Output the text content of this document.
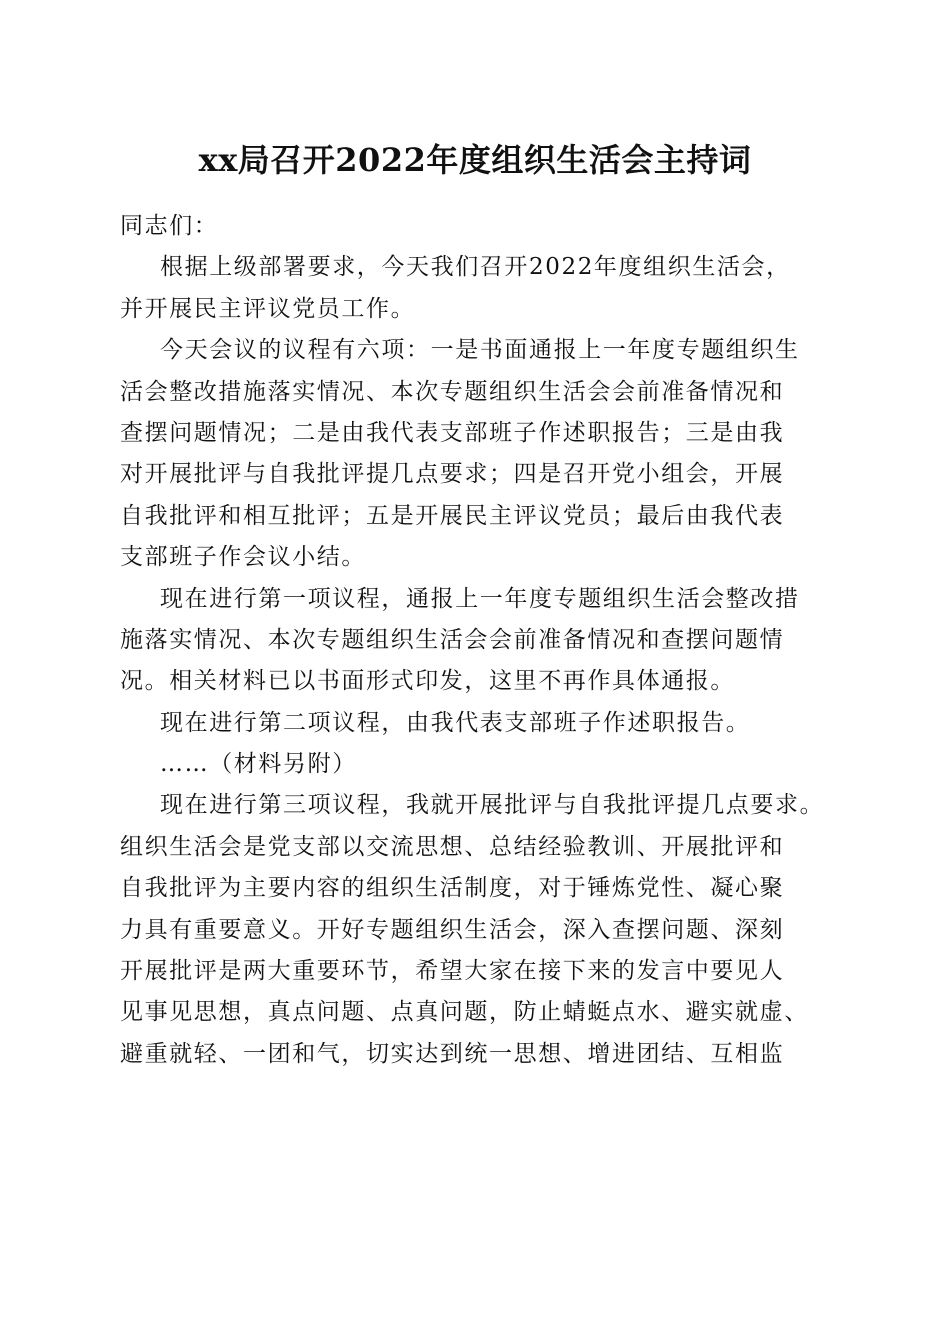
xx局召开2022年度组织生活会主持词
同志们：
根据上级部署要求，今天我们召开2022年度组织生活会，
并开展民主评议党员工作。
今天会议的议程有六项：一是书面通报上一年度专题组织生
活会整改措施落实情况、本次专题组织生活会会前准备情况和
查摆问题情况；二是由我代表支部班子作述职报告；三是由我
对开展批评与自我批评提几点要求；四是召开党小组会，开展
自我批评和相互批评；五是开展民主评议党员；最后由我代表
支部班子作会议小结。
现在进行第一项议程，通报上一年度专题组织生活会整改措
施落实情况、本次专题组织生活会会前准备情况和查摆问题情
况。相关材料已以书面形式印发，这里不再作具体通报。
现在进行第二项议程，由我代表支部班子作述职报告。
……（材料另附）
现在进行第三项议程，我就开展批评与自我批评提几点要求。
组织生活会是党支部以交流思想、总结经验教训、开展批评和
自我批评为主要内容的组织生活制度，对于锤炼党性、凝心聚
力具有重要意义。开好专题组织生活会，深入查摆问题、深刻
开展批评是两大重要环节，希望大家在接下来的发言中要见人
见事见思想，真点问题、点真问题，防止蜻蜓点水、避实就虚、
避重就轻、一团和气，切实达到统一思想、增进团结、互相监
